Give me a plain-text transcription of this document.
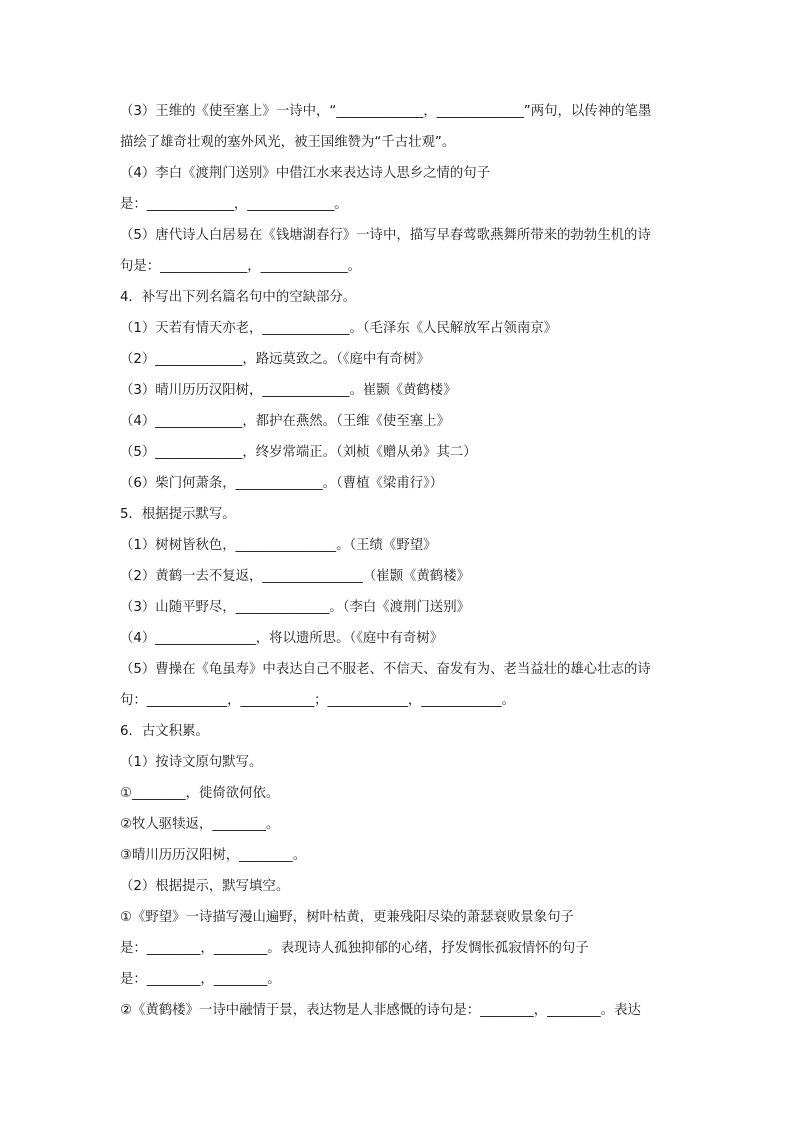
（3）王维的《使至塞上》一诗中，“_____________，_____________”两句，以传神的笔墨
描绘了雄奇壮观的塞外风光，被王国维赞为“千古壮观”。
（4）李白《渡荆门送别》中借江水来表达诗人思乡之情的句子
是：_____________，_____________。
（5）唐代诗人白居易在《钱塘湖春行》一诗中，描写早春莺歌燕舞所带来的勃勃生机的诗
句是：_____________，_____________。
4．补写出下列名篇名句中的空缺部分。
（1）天若有情天亦老，_____________。（毛泽东《人民解放军占领南京》
（2）_____________，路远莫致之。（《庭中有奇树》
（3）晴川历历汉阳树，_____________。崔颢《黄鹤楼》
（4）_____________，都护在燕然。（王维《使至塞上》
（5）_____________，终岁常端正。（刘桢《赠从弟》其二）
（6）柴门何萧条，_____________。（曹植《梁甫行》）
5．根据提示默写。
（1）树树皆秋色，_______________。（王绩《野望》
（2）黄鹤一去不复返，_______________（崔颢《黄鹤楼》
（3）山随平野尽，______________。（李白《渡荆门送别》
（4）_______________，将以遗所思。（《庭中有奇树》
（5）曹操在《龟虽寿》中表达自己不服老、不信天、奋发有为、老当益壮的雄心壮志的诗
句：____________，___________；____________，____________。
6．古文积累。
（1）按诗文原句默写。
①________，徙倚欲何依。
②牧人驱犊返，________。
③晴川历历汉阳树，________。
（2）根据提示，默写填空。
①《野望》一诗描写漫山遍野，树叶枯黄，更兼残阳尽染的萧瑟衰败景象句子
是：________，________。表现诗人孤独抑郁的心绪，抒发惆怅孤寂情怀的句子
是：________，________。
②《黄鹤楼》一诗中融情于景，表达物是人非感慨的诗句是：________，________。表达
